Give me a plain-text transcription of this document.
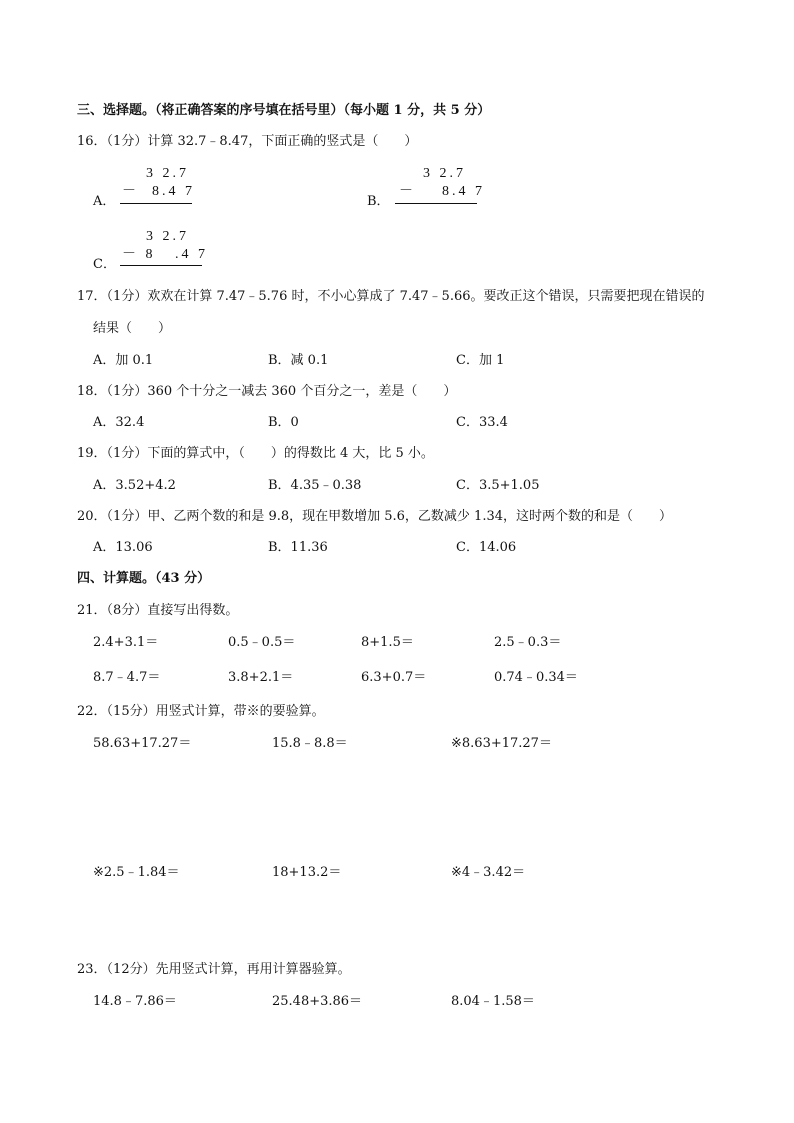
三、选择题。（将正确答案的序号填在括号里）（每小题 1 分，共 5 分）
16．（1分）计算 32.7﹣8.47，下面正确的竖式是（　　）
A．
3 2.7
－  8.4 7
B．
3 2.7
－    8.4 7
C．
3 2.7
－ 8   .4 7
17．（1分）欢欢在计算 7.47﹣5.76 时，不小心算成了 7.47﹣5.66。要改正这个错误，只需要把现在错误的
结果（　　）
A．加 0.1	B．减 0.1	C．加 1
18．（1分）360 个十分之一减去 360 个百分之一，差是（　　）
A．32.4	B．0	C．33.4
19．（1分）下面的算式中，（　　）的得数比 4 大，比 5 小。
A．3.52+4.2	B．4.35﹣0.38	C．3.5+1.05
20．（1分）甲、乙两个数的和是 9.8，现在甲数增加 5.6，乙数减少 1.34，这时两个数的和是（　　）
A．13.06	B．11.36	C．14.06
四、计算题。（43 分）
21．（8分）直接写出得数。
2.4+3.1＝	0.5﹣0.5＝	8+1.5＝	2.5﹣0.3＝
8.7﹣4.7＝	3.8+2.1＝	6.3+0.7＝	0.74﹣0.34＝
22．（15分）用竖式计算，带※的要验算。
58.63+17.27＝	15.8﹣8.8＝	※8.63+17.27＝
※2.5﹣1.84＝	18+13.2＝	※4﹣3.42＝
23．（12分）先用竖式计算，再用计算器验算。
14.8﹣7.86＝	25.48+3.86＝	8.04﹣1.58＝
